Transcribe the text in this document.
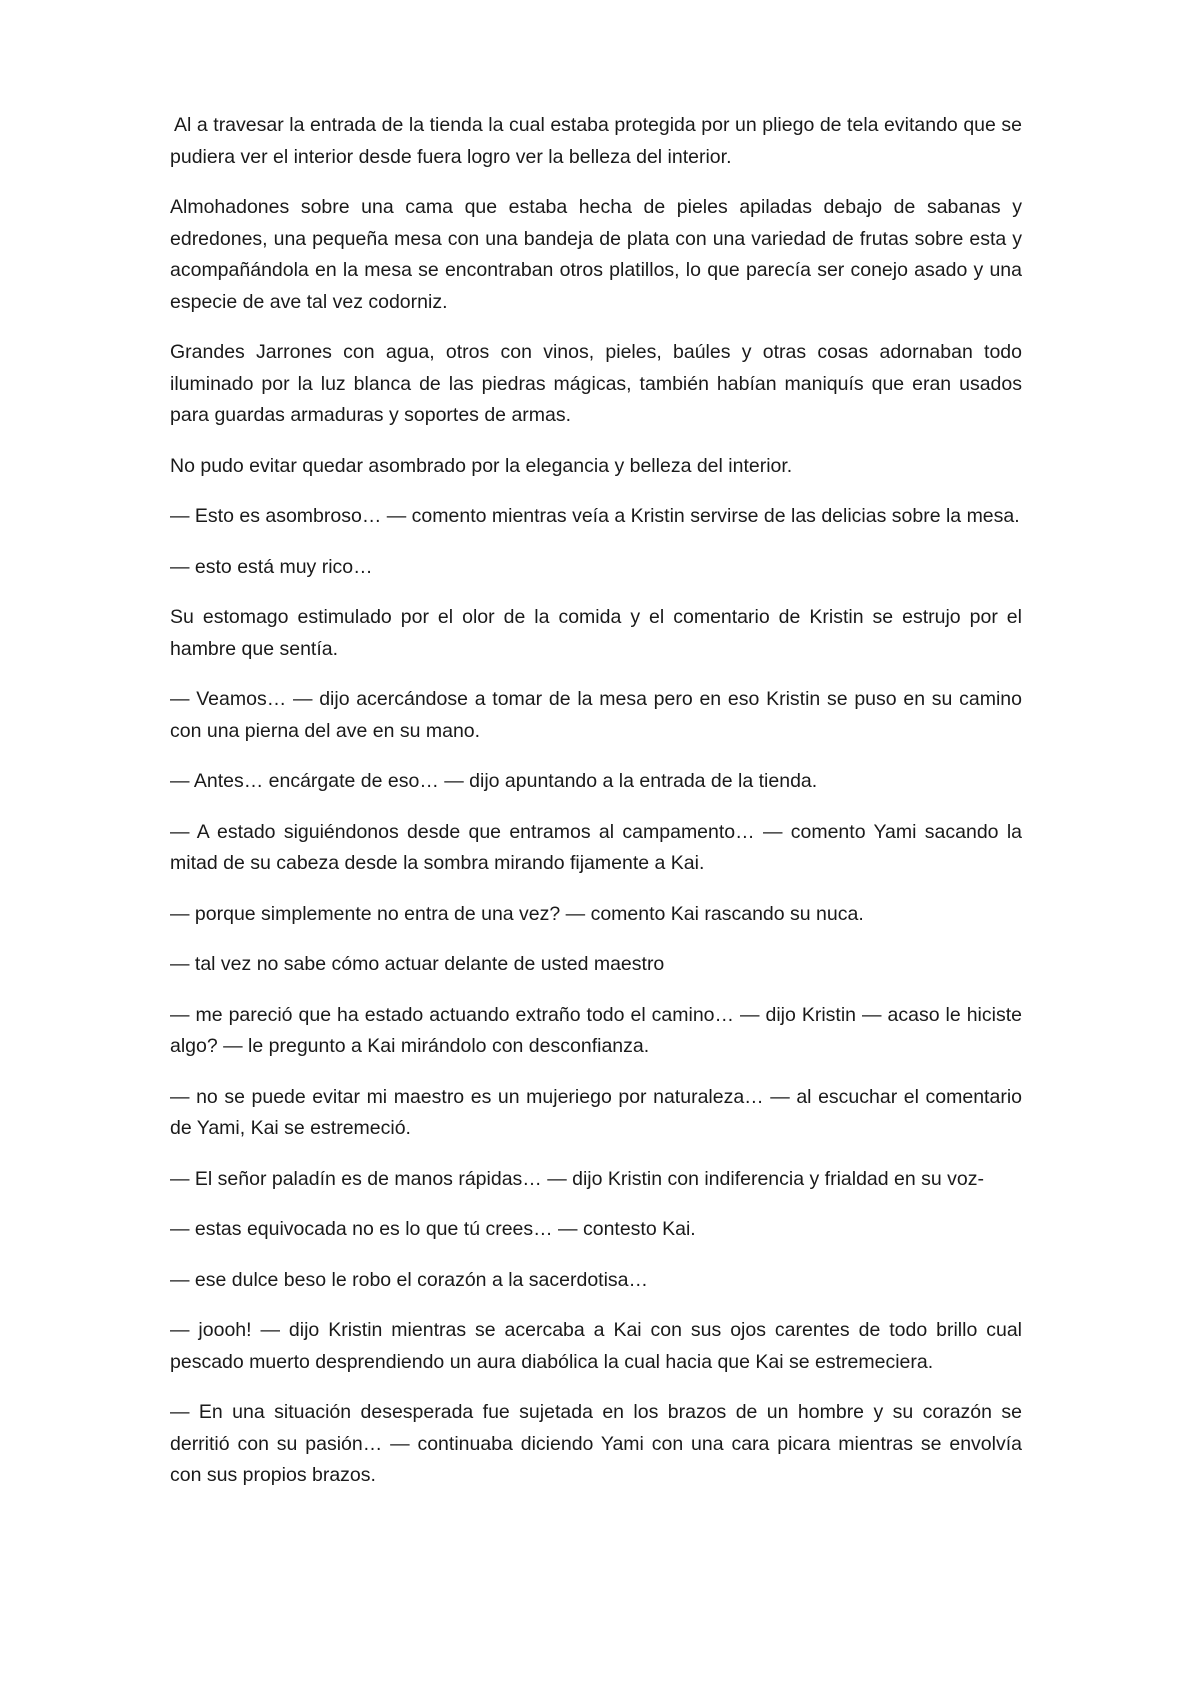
Al a travesar la entrada de la tienda la cual estaba protegida por un pliego de tela evitando que se pudiera ver el interior desde fuera logro ver la belleza del interior.

Almohadones sobre una cama que estaba hecha de pieles apiladas debajo de sabanas y edredones, una pequeña mesa con una bandeja de plata con una variedad de frutas sobre esta y acompañándola en la mesa se encontraban otros platillos, lo que parecía ser conejo asado y una especie de ave tal vez codorniz.

Grandes Jarrones con agua, otros con vinos, pieles, baúles y otras cosas adornaban todo iluminado por la luz blanca de las piedras mágicas, también habían maniquís que eran usados para guardas armaduras y soportes de armas.

No pudo evitar quedar asombrado por la elegancia y belleza del interior.

— Esto es asombroso… — comento mientras veía a Kristin servirse de las delicias sobre la mesa.

— esto está muy rico…

Su estomago estimulado por el olor de la comida y el comentario de Kristin se estrujo por el hambre que sentía.

— Veamos… — dijo acercándose a tomar de la mesa pero en eso Kristin se puso en su camino con una pierna del ave en su mano.

— Antes… encárgate de eso… — dijo apuntando a la entrada de la tienda.

— A estado siguiéndonos desde que entramos al campamento… — comento Yami sacando la mitad de su cabeza desde la sombra mirando fijamente a Kai.

— porque simplemente no entra de una vez? — comento Kai rascando su nuca.

— tal vez no sabe cómo actuar delante de usted maestro

— me pareció que ha estado actuando extraño todo el camino… — dijo Kristin — acaso le hiciste algo? — le pregunto a Kai mirándolo con desconfianza.

— no se puede evitar mi maestro es un mujeriego por naturaleza… — al escuchar el comentario de Yami, Kai se estremeció.

— El señor paladín es de manos rápidas… — dijo Kristin con indiferencia y frialdad en su voz-

— estas equivocada no es lo que tú crees… — contesto Kai.

— ese dulce beso le robo el corazón a la sacerdotisa…

— joooh! — dijo Kristin mientras se acercaba a Kai con sus ojos carentes de todo brillo cual pescado muerto desprendiendo un aura diabólica la cual hacia que Kai se estremeciera.

— En una situación desesperada fue sujetada en los brazos de un hombre y su corazón se derritió con su pasión… — continuaba diciendo Yami con una cara picara mientras se envolvía con sus propios brazos.
